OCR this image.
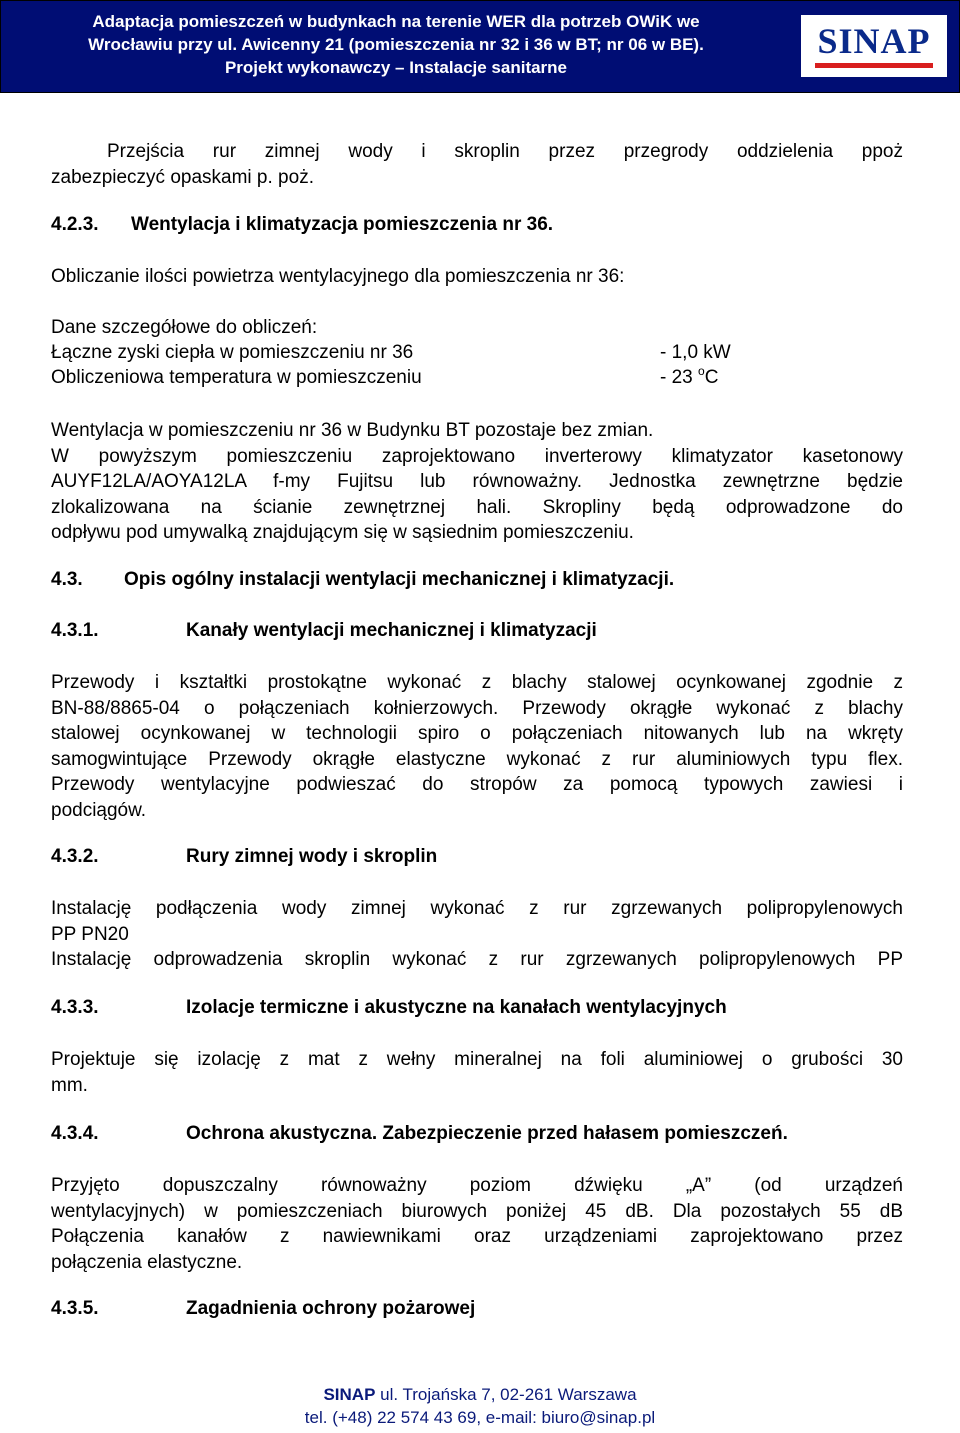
Adaptacja pomieszczeń w budynkach na terenie WER dla potrzeb OWiK we
Wrocławiu przy ul. Awicenny 21 (pomieszczenia nr 32 i 36 w BT; nr 06 w BE).
Projekt wykonawczy – Instalacje sanitarne
SINAP
Przejścia rur zimnej wody i skroplin przez przegrody oddzielenia ppoż
zabezpieczyć opaskami p. poż.
4.2.3. Wentylacja i klimatyzacja pomieszczenia nr 36.
Obliczanie ilości powietrza wentylacyjnego dla pomieszczenia nr 36:
Dane szczegółowe do obliczeń:
Łączne zyski ciepła w pomieszczeniu nr 36	- 1,0 kW
Obliczeniowa temperatura w pomieszczeniu	- 23 $^o$C
Wentylacja w pomieszczeniu nr 36 w Budynku BT pozostaje bez zmian.
W powyższym pomieszczeniu zaprojektowano inverterowy klimatyzator kasetonowy
AUYF12LA/AOYA12LA f-my Fujitsu lub równoważny. Jednostka zewnętrzne będzie
zlokalizowana na ścianie zewnętrznej hali. Skropliny będą odprowadzone do
odpływu pod umywalką znajdującym się w sąsiednim pomieszczeniu.
4.3. Opis ogólny instalacji wentylacji mechanicznej i klimatyzacji.
4.3.1.	Kanały wentylacji mechanicznej i klimatyzacji
Przewody i kształtki prostokątne wykonać z blachy stalowej ocynkowanej zgodnie z
BN-88/8865-04 o połączeniach kołnierzowych. Przewody okrągłe wykonać z blachy
stalowej ocynkowanej w technologii spiro o połączeniach nitowanych lub na wkręty
samogwintujące Przewody okrągłe elastyczne wykonać z rur aluminiowych typu flex.
Przewody wentylacyjne podwieszać do stropów za pomocą typowych zawiesi i
podciągów.
4.3.2.	Rury zimnej wody i skroplin
Instalację podłączenia wody zimnej wykonać z rur zgrzewanych polipropylenowych
PP PN20
Instalację odprowadzenia skroplin wykonać z rur zgrzewanych polipropylenowych PP
4.3.3.	Izolacje termiczne i akustyczne na kanałach wentylacyjnych
Projektuje się izolację z mat z wełny mineralnej na foli aluminiowej o grubości 30
mm.
4.3.4.	Ochrona akustyczna. Zabezpieczenie przed hałasem pomieszczeń.
Przyjęto dopuszczalny równoważny poziom dźwięku „A” (od urządzeń
wentylacyjnych) w pomieszczeniach biurowych poniżej 45 dB. Dla pozostałych 55 dB
Połączenia kanałów z nawiewnikami oraz urządzeniami zaprojektowano przez
połączenia elastyczne.
4.3.5.	Zagadnienia ochrony pożarowej
SINAP ul. Trojańska 7, 02-261 Warszawa
tel. (+48) 22 574 43 69, e-mail: biuro@sinap.pl
